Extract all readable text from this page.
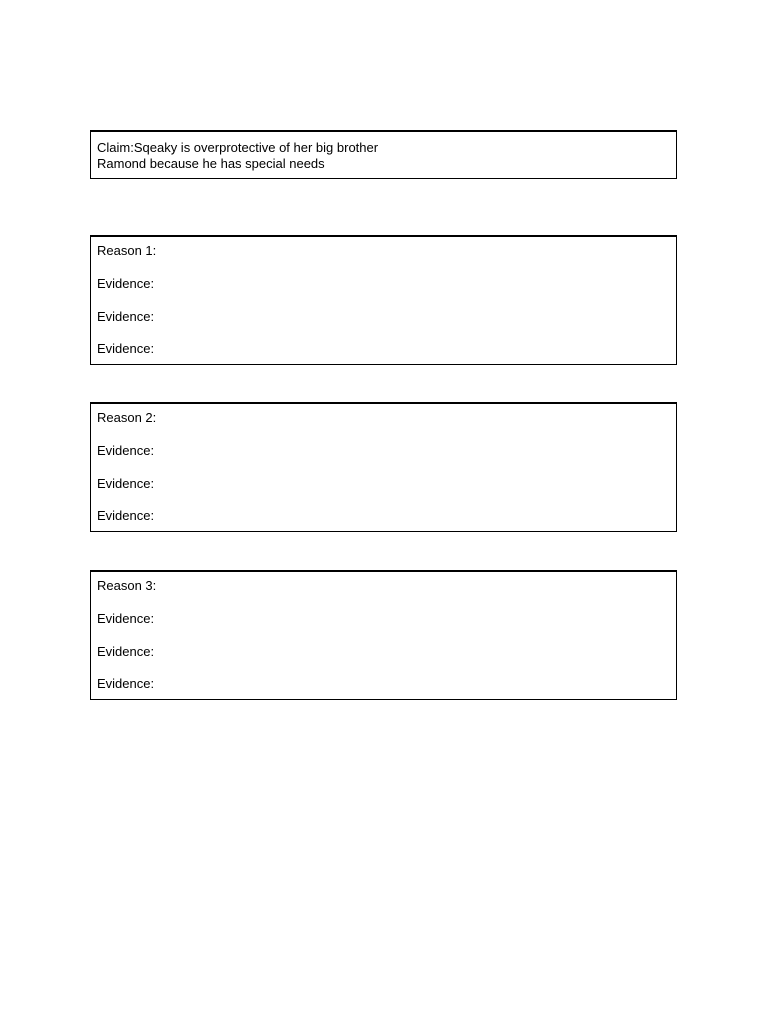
Claim:Sqeaky is overprotective of her big brother
Ramond because he has special needs
Reason 1:
Evidence:
Evidence:
Evidence:
Reason 2:
Evidence:
Evidence:
Evidence:
Reason 3:
Evidence:
Evidence:
Evidence:
